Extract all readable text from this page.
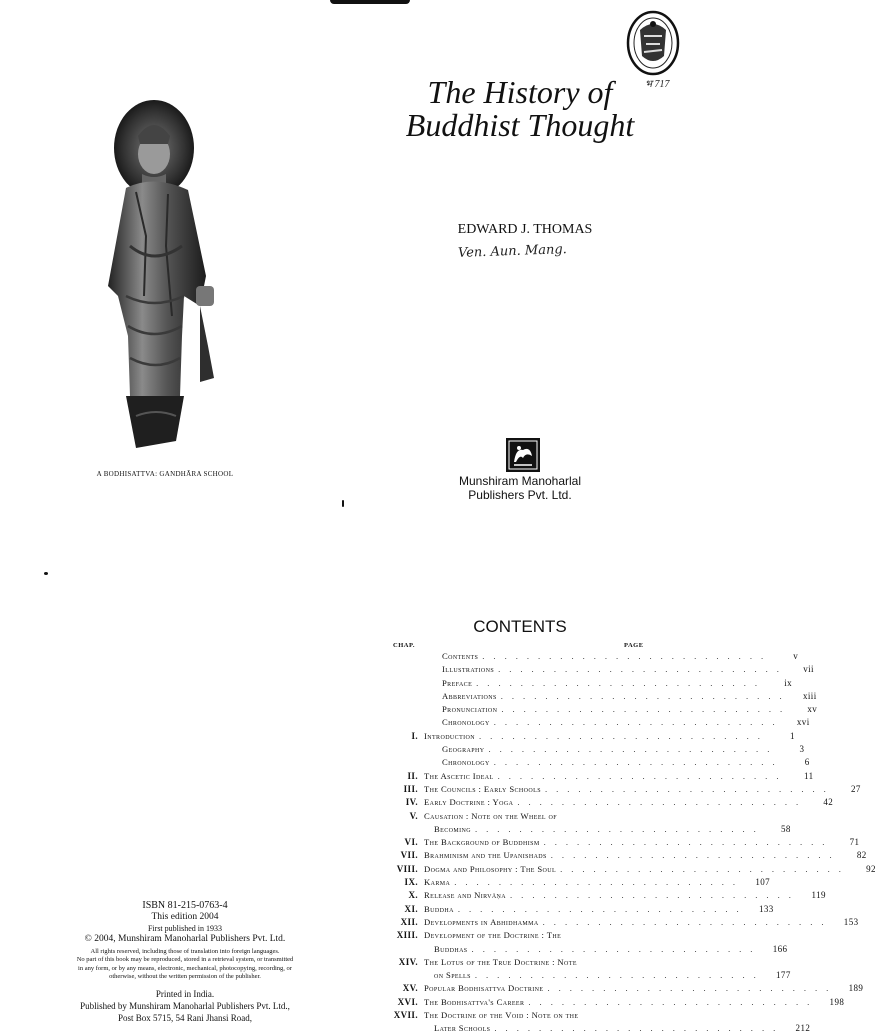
A BODHISATTVA: GANDHĀRA SCHOOL
भ 717
The History of
Buddhist Thought
EDWARD J. THOMAS
Ven. Aun. Mang.
Munshiram Manoharlal
Publishers Pvt. Ltd.
ISBN 81-215-0763-4
This edition 2004
First published in 1933
© 2004, Munshiram Manoharlal Publishers Pvt. Ltd.
All rights reserved, including those of translation into foreign languages.
No part of this book may be reproduced, stored in a retrieval system, or transmitted
in any form, or by any means, electronic, mechanical, photocopying, recording, or
otherwise, without the written permission of the publisher.
Printed in India.
Published by Munshiram Manoharlal Publishers Pvt. Ltd.,
Post Box 5715, 54 Rani Jhansi Road,
CONTENTS
CHAP.	PAGE
Contents ..........................	v
Illustrations ..........................	vii
Preface ..........................	ix
Abbreviations ..........................	xiii
Pronunciation ..........................	xv
Chronology ..........................	xvi
I. Introduction ..........................	1
Geography ..........................	3
Chronology ..........................	6
II. The Ascetic Ideal ..........................	11
III. The Councils : Early Schools ..........................	27
IV. Early Doctrine : Yoga ..........................	42
V. Causation : Note on the Wheel of
Becoming ..........................	58
VI. The Background of Buddhism ..........................	71
VII. Brahminism and the Upanishads ..........................	82
VIII. Dogma and Philosophy : The Soul ..........................	92
IX. Karma ..........................	107
X. Release and Nirvāṇa ..........................	119
XI. Buddha ..........................	133
XII. Developments in Abhidhamma ..........................	153
XIII. Development of the Doctrine : The
Buddhas ..........................	166
XIV. The Lotus of the True Doctrine : Note
on Spells ..........................	177
XV. Popular Bodhisattva Doctrine ..........................	189
XVI. The Bodhisattva's Career ..........................	198
XVII. The Doctrine of the Void : Note on the
Later Schools ..........................	212
